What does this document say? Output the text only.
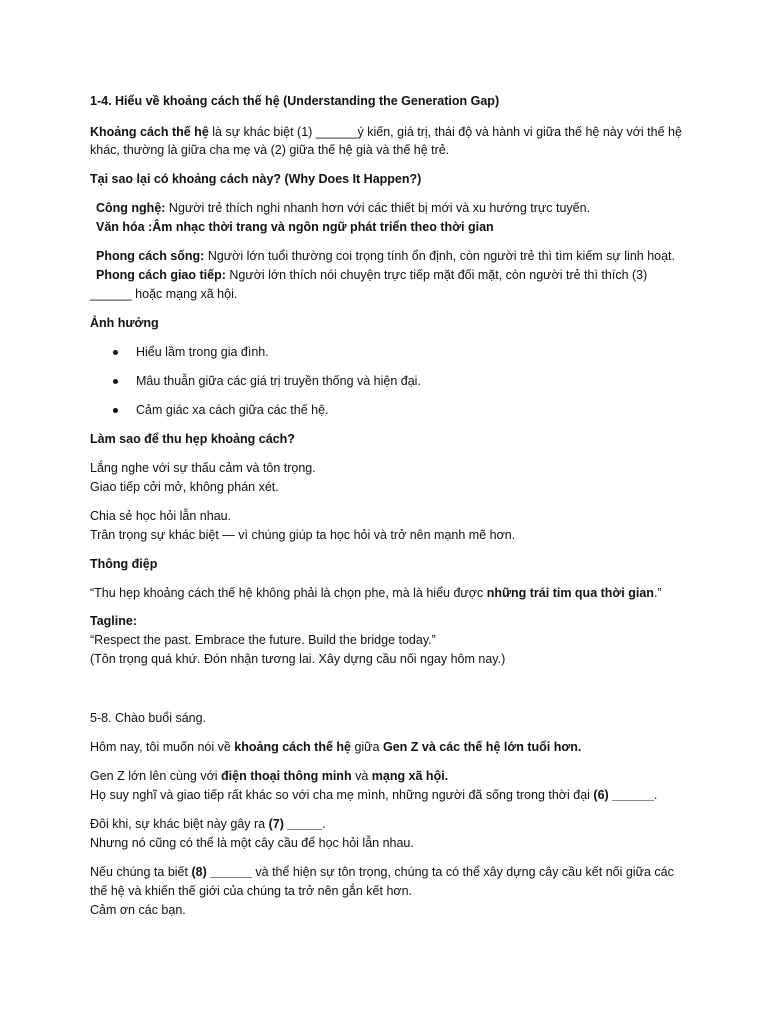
1-4. Hiểu về khoảng cách thế hệ (Understanding the Generation Gap)
Khoảng cách thế hệ là sự khác biệt (1) ______ý kiến, giá trị, thái độ và hành vi giữa thế hệ này với thế hệ
khác, thường là giữa cha mẹ và (2) giữa thế hệ già và thế hệ trẻ.
Tại sao lại có khoảng cách này? (Why Does It Happen?)
Công nghệ: Người trẻ thích nghi nhanh hơn với các thiết bị mới và xu hướng trực tuyến.
Văn hóa :Âm nhạc thời trang và ngôn ngữ phát triển theo thời gian
Phong cách sống: Người lớn tuổi thường coi trọng tính ổn định, còn người trẻ thì tìm kiếm sự linh hoạt.
Phong cách giao tiếp: Người lớn thích nói chuyện trực tiếp mặt đối mặt, còn người trẻ thì thích (3)
______ hoặc mạng xã hội.
Ảnh hưởng
Hiểu lầm trong gia đình.
Mâu thuẫn giữa các giá trị truyền thống và hiện đại.
Cảm giác xa cách giữa các thế hệ.
Làm sao để thu hẹp khoảng cách?
Lắng nghe với sự thấu cảm và tôn trọng.
Giao tiếp cởi mở, không phán xét.
Chia sẻ học hỏi lẫn nhau.
Trân trọng sự khác biệt — vì chúng giúp ta học hỏi và trở nên mạnh mẽ hơn.
Thông điệp
“Thu hẹp khoảng cách thế hệ không phải là chọn phe, mà là hiểu được những trái tim qua thời gian.”
Tagline:
“Respect the past. Embrace the future. Build the bridge today.”
(Tôn trọng quá khứ. Đón nhận tương lai. Xây dựng cầu nối ngay hôm nay.)
5-8. Chào buổi sáng.
Hôm nay, tôi muốn nói về khoảng cách thế hệ giữa Gen Z và các thế hệ lớn tuổi hơn.
Gen Z lớn lên cùng với điện thoại thông minh và mạng xã hội.
Họ suy nghĩ và giao tiếp rất khác so với cha mẹ mình, những người đã sống trong thời đại (6) ______.
Đôi khi, sự khác biệt này gây ra (7) _____.
Nhưng nó cũng có thể là một cây cầu để học hỏi lẫn nhau.
Nếu chúng ta biết (8) ______ và thể hiện sự tôn trọng, chúng ta có thể xây dựng cây cầu kết nối giữa các
thế hệ và khiến thế giới của chúng ta trở nên gắn kết hơn.
Cảm ơn các bạn.
